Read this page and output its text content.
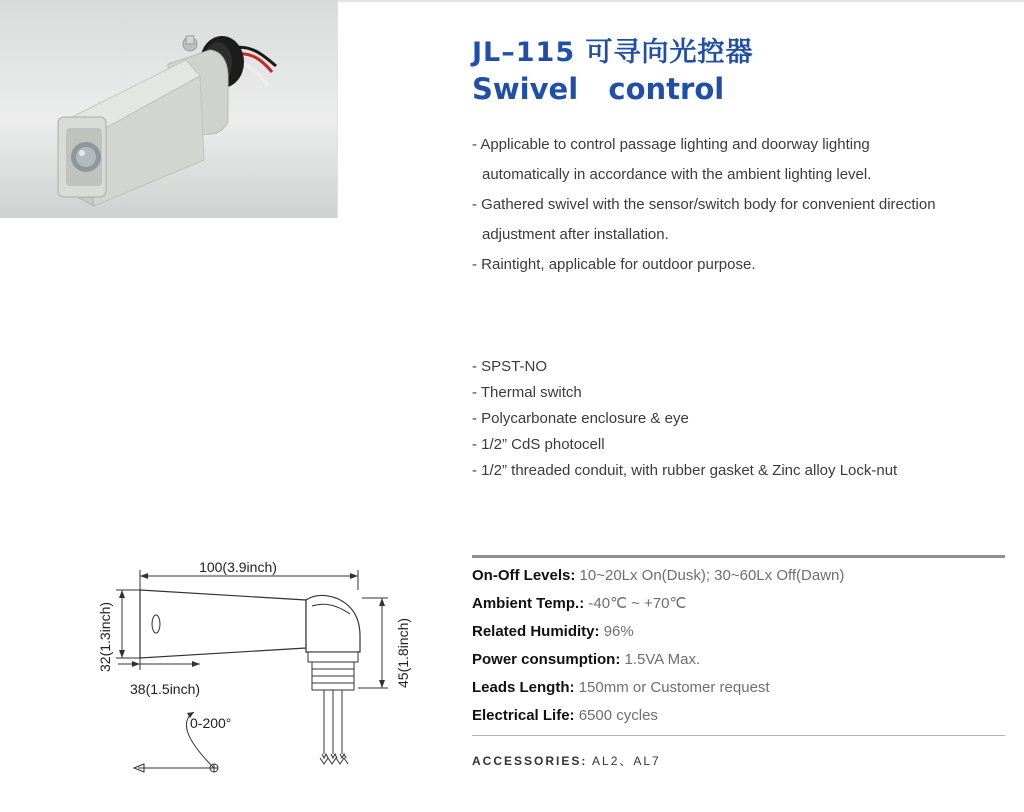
JL–115 可寻向光控器
Swivel   control
- Applicable to control passage lighting and doorway lighting
automatically in accordance with the ambient lighting level.
- Gathered swivel with the sensor/switch body for convenient direction
adjustment after installation.
- Raintight, applicable for outdoor purpose.
- SPST-NO
- Thermal switch
- Polycarbonate enclosure & eye
- 1/2” CdS photocell
- 1/2” threaded conduit, with rubber gasket & Zinc alloy Lock-nut
On-Off Levels: 10~20Lx On(Dusk); 30~60Lx Off(Dawn)
Ambient Temp.: -40℃ ~ +70℃
Related Humidity: 96%
Power consumption: 1.5VA Max.
Leads Length: 150mm or Customer request
Electrical Life: 6500 cycles
ACCESSORIES: AL2、AL7
100(3.9inch)
32(1.3inch)	45(1.8inch)
38(1.5inch)
0-200°
